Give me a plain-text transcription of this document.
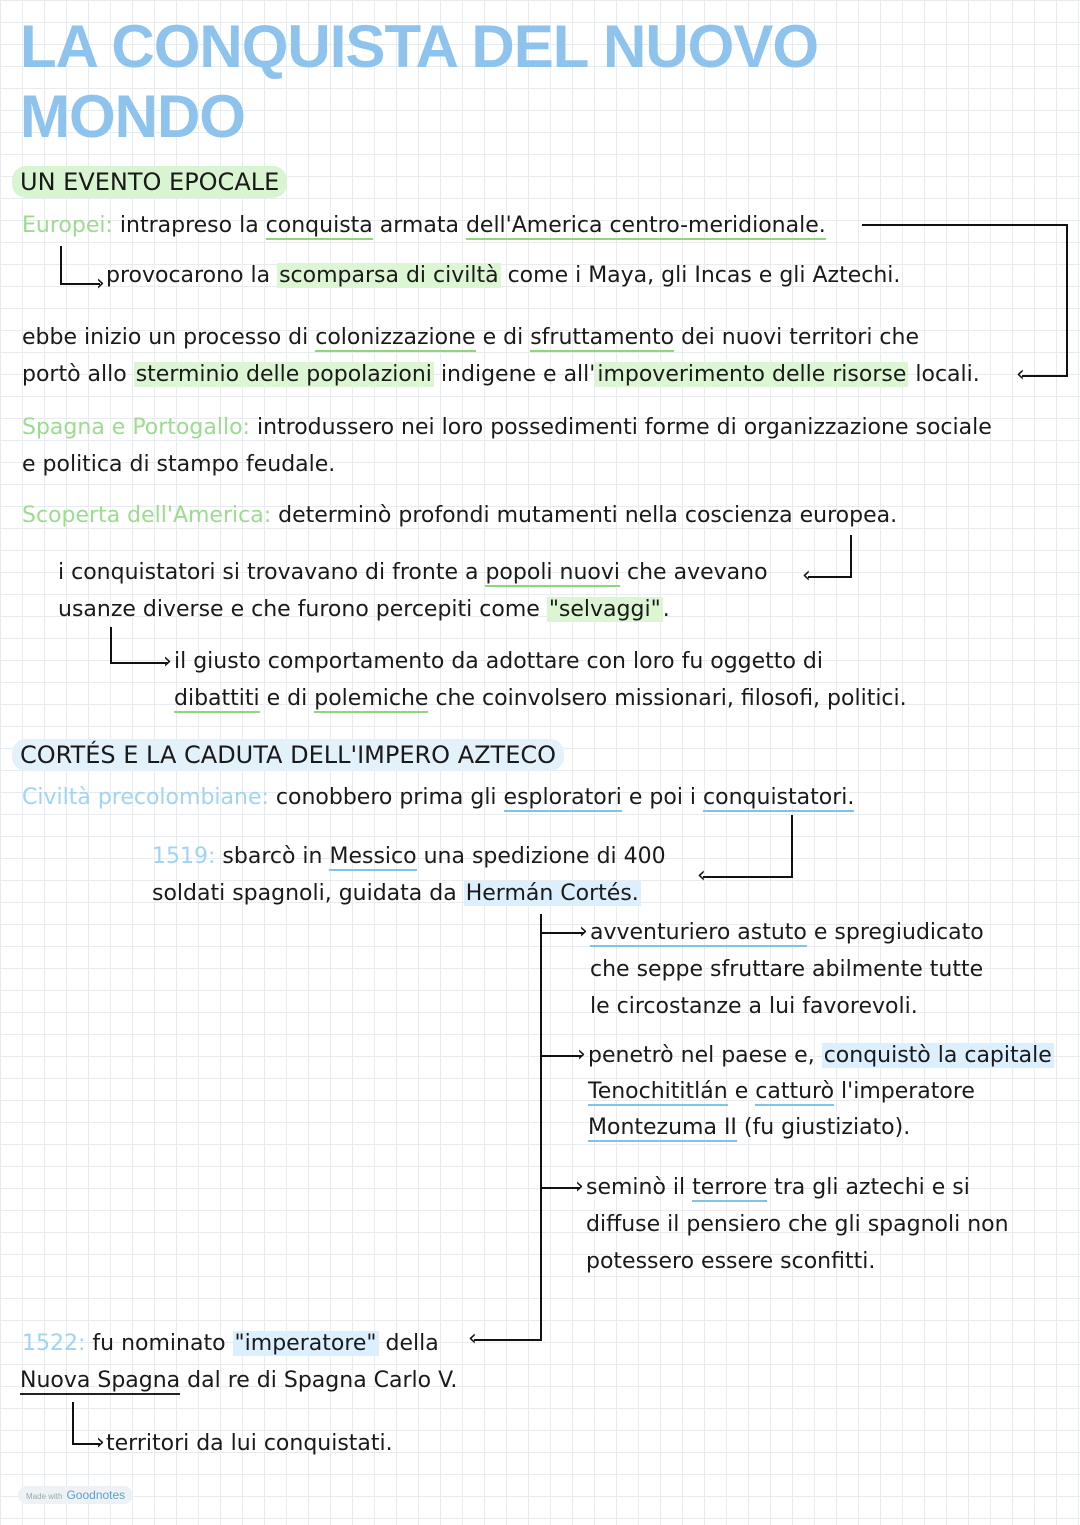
LA CONQUISTA DEL NUOVO
MONDO
UN EVENTO EPOCALE
Europei: intrapreso la conquista armata dell'America centro-meridionale.
provocarono la scomparsa di civiltà come i Maya, gli Incas e gli Aztechi.
ebbe inizio un processo di colonizzazione e di sfruttamento dei nuovi territori che
portò allo sterminio delle popolazioni indigene e all'impoverimento delle risorse locali.
Spagna e Portogallo: introdussero nei loro possedimenti forme di organizzazione sociale
e politica di stampo feudale.
Scoperta dell'America: determinò profondi mutamenti nella coscienza europea.
i conquistatori si trovavano di fronte a popoli nuovi che avevano
usanze diverse e che furono percepiti come "selvaggi".
il giusto comportamento da adottare con loro fu oggetto di
dibattiti e di polemiche che coinvolsero missionari, filosofi, politici.
CORTÉS E LA CADUTA DELL'IMPERO AZTECO
Civiltà precolombiane: conobbero prima gli esploratori e poi i conquistatori.
1519: sbarcò in Messico una spedizione di 400
soldati spagnoli, guidata da Hermán Cortés.
avventuriero astuto e spregiudicato
che seppe sfruttare abilmente tutte
le circostanze a lui favorevoli.
penetrò nel paese e, conquistò la capitale
Tenochititlán e catturò l'imperatore
Montezuma II (fu giustiziato).
seminò il terrore tra gli aztechi e si
diffuse il pensiero che gli spagnoli non
potessero essere sconfitti.
1522: fu nominato "imperatore" della
Nuova Spagna dal re di Spagna Carlo V.
territori da lui conquistati.
›
‹
‹
›
‹
›
›
›
‹
›
Made with Goodnotes
